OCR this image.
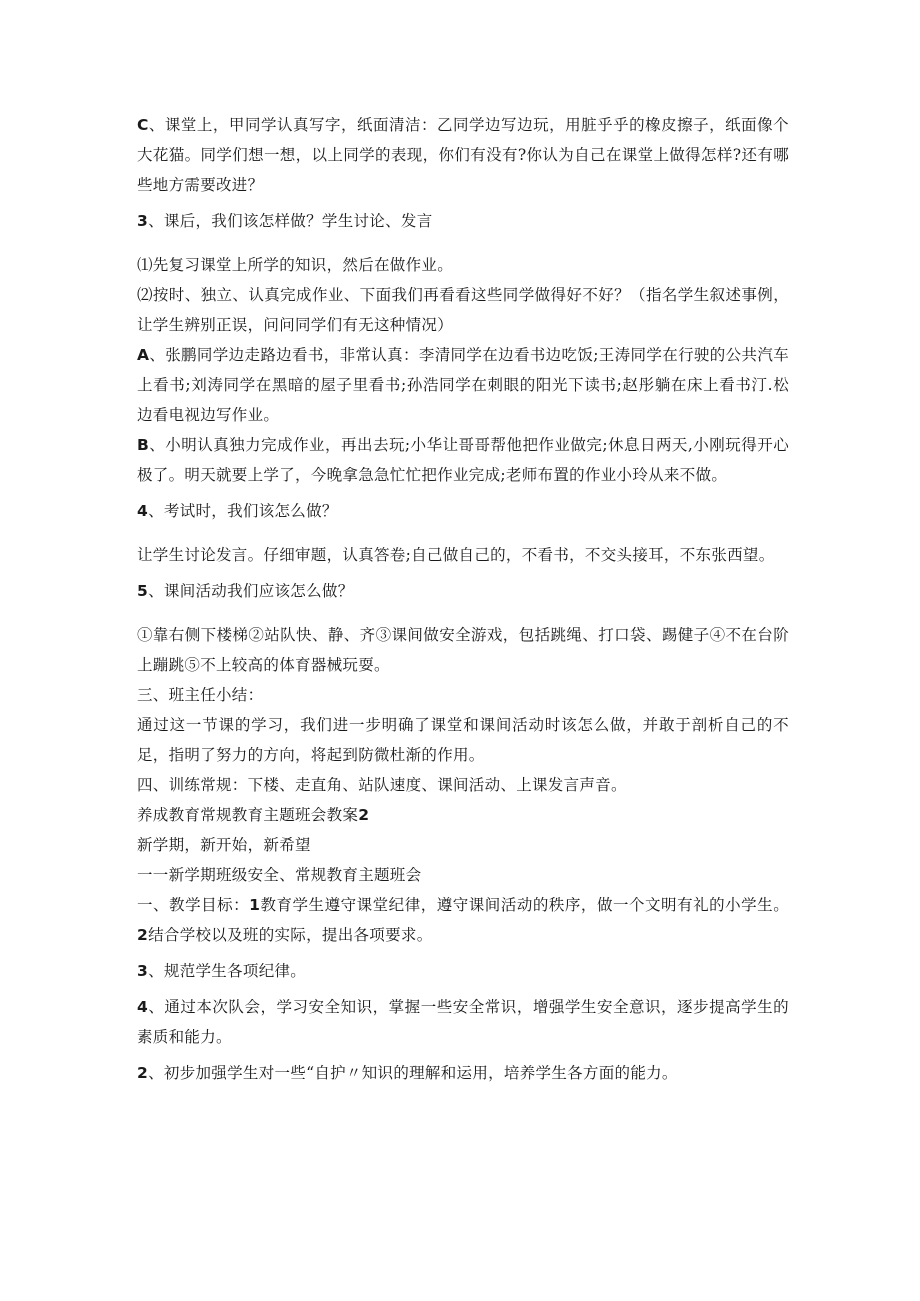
C、课堂上，甲同学认真写字，纸面清洁：乙同学边写边玩，用脏乎乎的橡皮擦子，纸面像个大花猫。同学们想一想，以上同学的表现，你们有没有?你认为自己在课堂上做得怎样?还有哪些地方需要改进？

3、课后，我们该怎样做？学生讨论、发言

⑴先复习课堂上所学的知识，然后在做作业。

⑵按时、独立、认真完成作业、下面我们再看看这些同学做得好不好？（指名学生叙述事例，让学生辨别正误，问问同学们有无这种情况）

A、张鹏同学边走路边看书，非常认真：李清同学在边看书边吃饭;王涛同学在行驶的公共汽车上看书;刘涛同学在黑暗的屋子里看书;孙浩同学在刺眼的阳光下读书;赵彤躺在床上看书汀.松边看电视边写作业。

B、小明认真独力完成作业，再出去玩;小华让哥哥帮他把作业做完;休息日两天,小刚玩得开心极了。明天就要上学了，今晚拿急急忙忙把作业完成;老师布置的作业小玲从来不做。

4、考试时，我们该怎么做？

让学生讨论发言。仔细审题，认真答卷;自己做自己的，不看书，不交头接耳，不东张西望。

5、课间活动我们应该怎么做？

①靠右侧下楼梯②站队快、静、齐③课间做安全游戏，包括跳绳、打口袋、踢健子④不在台阶上蹦跳⑤不上较高的体育器械玩耍。

三、班主任小结：

通过这一节课的学习，我们进一步明确了课堂和课间活动时该怎么做，并敢于剖析自己的不足，指明了努力的方向，将起到防微杜渐的作用。

四、训练常规：下楼、走直角、站队速度、课间活动、上课发言声音。

养成教育常规教育主题班会教案2

新学期，新开始，新希望

一一新学期班级安全、常规教育主题班会

一、教学目标：1教育学生遵守课堂纪律，遵守课间活动的秩序，做一个文明有礼的小学生。2结合学校以及班的实际，提出各项要求。

3、规范学生各项纪律。

4、通过本次队会，学习安全知识，掌握一些安全常识，增强学生安全意识，逐步提高学生的素质和能力。

2、初步加强学生对一些“自护〃知识的理解和运用，培养学生各方面的能力。
